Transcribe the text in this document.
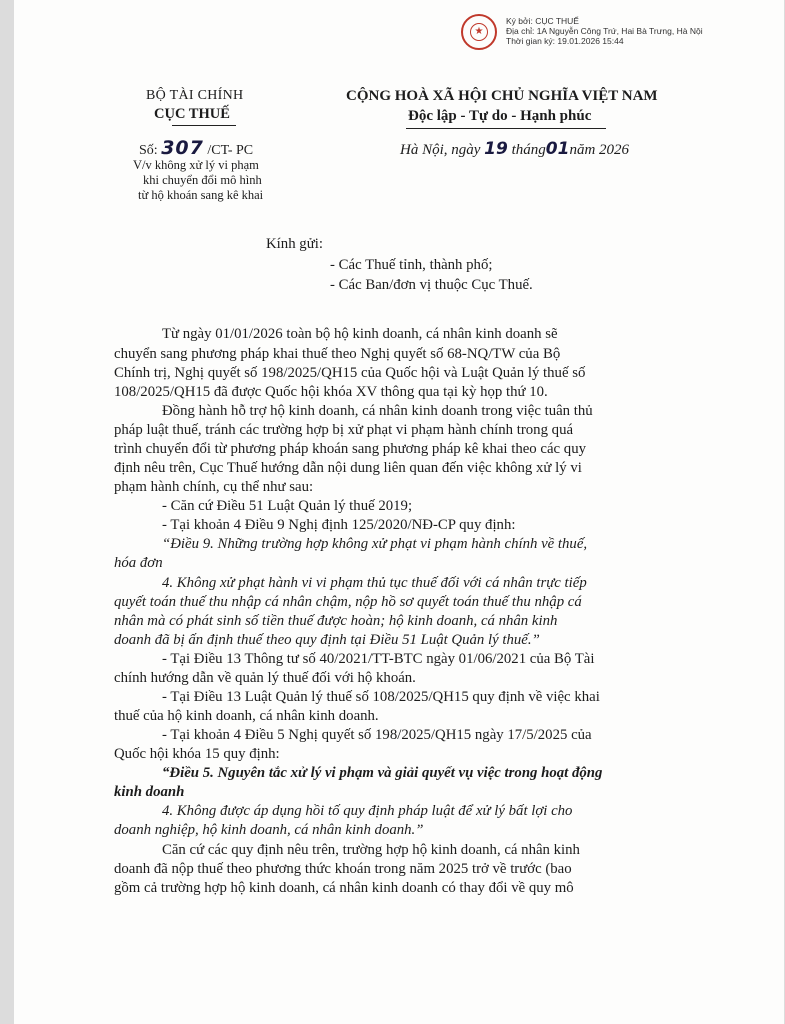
★
Ký bởi: CỤC THUẾ
Địa chỉ: 1A Nguyễn Công Trứ, Hai Bà Trưng, Hà Nội
Thời gian ký: 19.01.2026 15:44
BỘ TÀI CHÍNH
CỤC THUẾ
Số: 307 /CT- PC
V/v không xử lý vi phạm
khi chuyển đổi mô hình
từ hộ khoán sang kê khai
CỘNG HOÀ XÃ HỘI CHỦ NGHĨA VIỆT NAM
Độc lập - Tự do - Hạnh phúc
Hà Nội, ngày 19 tháng01năm 2026
Kính gửi:
- Các Thuế tỉnh, thành phố;
- Các Ban/đơn vị thuộc Cục Thuế.
Từ ngày 01/01/2026 toàn bộ hộ kinh doanh, cá nhân kinh doanh sẽ
chuyển sang phương pháp khai thuế theo Nghị quyết số 68-NQ/TW của Bộ
Chính trị, Nghị quyết số 198/2025/QH15 của Quốc hội và Luật Quản lý thuế số
108/2025/QH15 đã được Quốc hội khóa XV thông qua tại kỳ họp thứ 10.
Đồng hành hỗ trợ hộ kinh doanh, cá nhân kinh doanh trong việc tuân thủ
pháp luật thuế, tránh các trường hợp bị xử phạt vi phạm hành chính trong quá
trình chuyển đổi từ phương pháp khoán sang phương pháp kê khai theo các quy
định nêu trên, Cục Thuế hướng dẫn nội dung liên quan đến việc không xử lý vi
phạm hành chính, cụ thể như sau:
- Căn cứ Điều 51 Luật Quản lý thuế 2019;
- Tại khoản 4 Điều 9 Nghị định 125/2020/NĐ-CP quy định:
“Điều 9. Những trường hợp không xử phạt vi phạm hành chính về thuế,
hóa đơn
4. Không xử phạt hành vi vi phạm thủ tục thuế đối với cá nhân trực tiếp
quyết toán thuế thu nhập cá nhân chậm, nộp hồ sơ quyết toán thuế thu nhập cá
nhân mà có phát sinh số tiền thuế được hoàn; hộ kinh doanh, cá nhân kinh
doanh đã bị ấn định thuế theo quy định tại Điều 51 Luật Quản lý thuế.”
- Tại Điều 13 Thông tư số 40/2021/TT-BTC ngày 01/06/2021 của Bộ Tài
chính hướng dẫn về quản lý thuế đối với hộ khoán.
- Tại Điều 13 Luật Quản lý thuế số 108/2025/QH15 quy định về việc khai
thuế của hộ kinh doanh, cá nhân kinh doanh.
- Tại khoản 4 Điều 5 Nghị quyết số 198/2025/QH15 ngày 17/5/2025 của
Quốc hội khóa 15 quy định:
“Điều 5. Nguyên tắc xử lý vi phạm và giải quyết vụ việc trong hoạt động
kinh doanh
4. Không được áp dụng hồi tố quy định pháp luật để xử lý bất lợi cho
doanh nghiệp, hộ kinh doanh, cá nhân kinh doanh.”
Căn cứ các quy định nêu trên, trường hợp hộ kinh doanh, cá nhân kinh
doanh đã nộp thuế theo phương thức khoán trong năm 2025 trở về trước (bao
gồm cả trường hợp hộ kinh doanh, cá nhân kinh doanh có thay đổi về quy mô
